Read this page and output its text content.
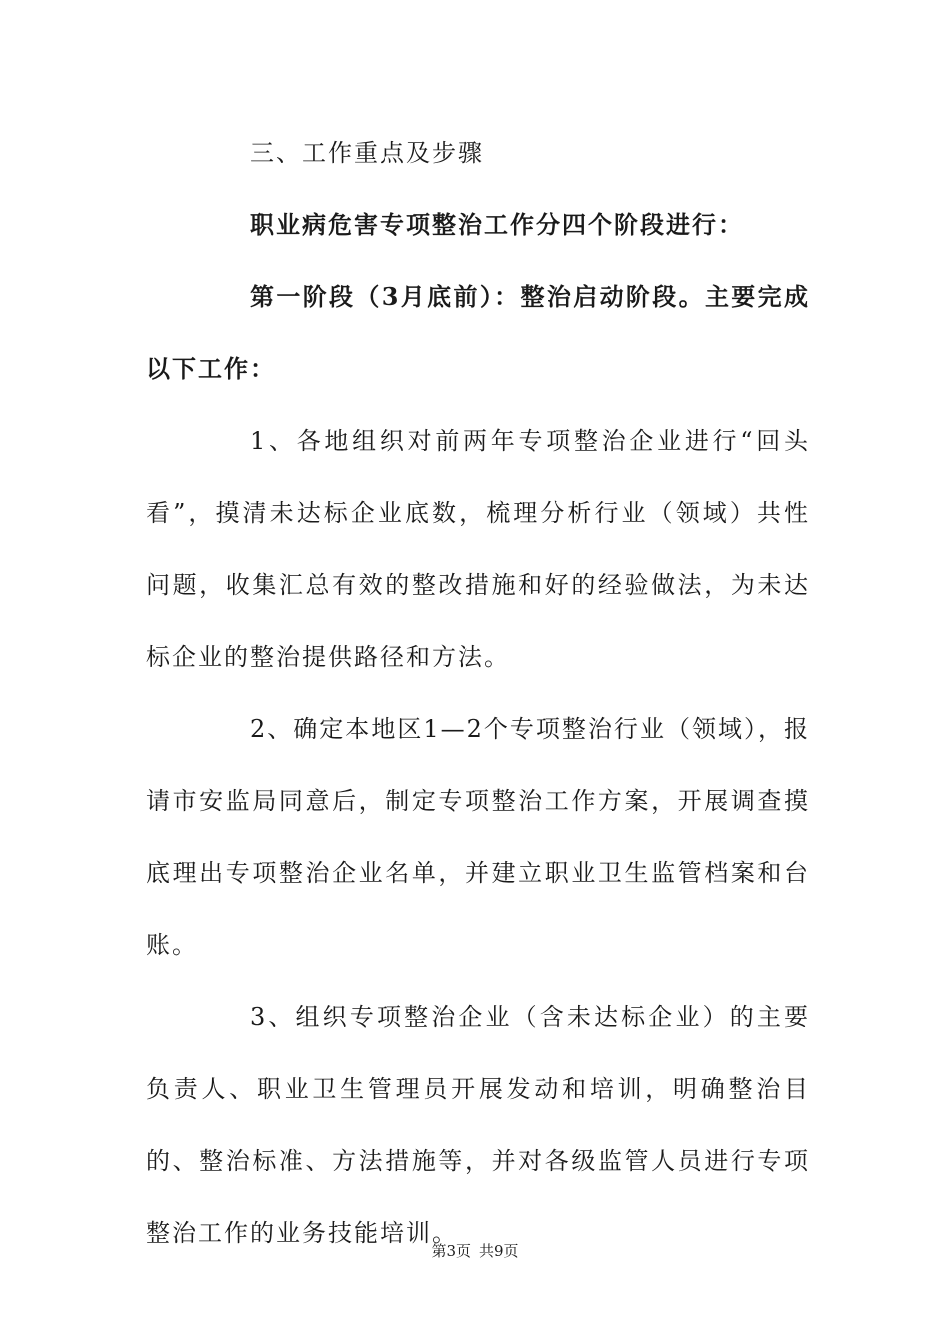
三、工作重点及步骤

职业病危害专项整治工作分四个阶段进行：

第一阶段（3月底前）：整治启动阶段。主要完成以下工作：

1、各地组织对前两年专项整治企业进行“回头看”，摸清未达标企业底数，梳理分析行业（领域）共性问题，收集汇总有效的整改措施和好的经验做法，为未达标企业的整治提供路径和方法。

2、确定本地区1—2个专项整治行业（领域），报请市安监局同意后，制定专项整治工作方案，开展调查摸底理出专项整治企业名单，并建立职业卫生监管档案和台账。

3、组织专项整治企业（含未达标企业）的主要负责人、职业卫生管理员开展发动和培训，明确整治目的、整治标准、方法措施等，并对各级监管人员进行专项整治工作的业务技能培训。

第3页 共9页
